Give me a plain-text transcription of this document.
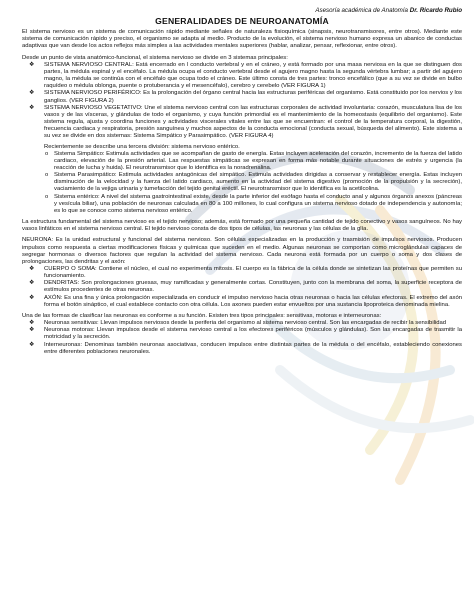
Asesoría académica de Anatomía Dr. Ricardo Rubio

GENERALIDADES DE NEUROANATOMÍA

El sistema nervioso es un sistema de comunicación rápido mediante señales de naturaleza fisioquímica (sinapsis, neurotransmisores, entre otros). Mediante este sistema de comunicación rápido y preciso, el organismo se adapta al medio. Producto de la evolución, el sistema nervioso humano expresa un abanico de conductas adaptivas que van desde los actos reflejos más simples a las actividades mentales superiores (hablar, analizar, pensar, reflexionar, entre otros).

Desde un punto de vista anatómico-funcional, el sistema nervioso se divide en 3 sistemas principales:

❖ SISTEMA NERVIOSO CENTRAL: Está encerrado en l conducto vertebral y en el cráneo, y está formado por una masa nerviosa en la que se distinguen dos partes, la médula espinal y el encéfalo. La médula ocupa el conducto vertebral desde el agujero magno hasta la segunda vértebra lumbar; a partir del agujero magno, la médula se continúa con el encéfalo que ocupa todo el cráneo. Este último consta de tres partes: tronco encefálico (que a su vez se divide en bulbo raquídeo o médula oblonga, puente o protuberancia y el mesencéfalo), cerebro y cerebelo (VER FIGURA 1)
❖ SISTEMA NERVIOSO PERIFÉRICO: Es la prolongación del órgano central hacia las estructuras periféricas del organismo. Está constituido por los nervios y los ganglios. (VER FIGURA 2)
❖ SISTEMA NERVIOSO VEGETATIVO: Une el sistema nervioso central con las estructuras corporales de actividad involuntaria: corazón, musculatura lisa de los vasos y de las vísceras, y glándulas de todo el organismo, y cuya función primordial es el mantenimiento de la homeostasis (equilibrio del organismo). Este sistema regula, ajusta y coordina funciones y actividades viscerales vitales entre las que se encuentran: el control de la temperatura corporal, la digestión, frecuencia cardiaca y respiratoria, presión sanguínea y muchos aspectos de la conducta emocional (conducta sexual, búsqueda del alimento). Este sistema a su vez se divide en dos sistemas: Sistema Simpático y Parasimpático. (VER FIGURA 4)

Recientemente se describe una tercera división: sistema nervioso entérico.

o Sistema Simpático: Estimula actividades que se acompañan de gasto de energía. Estas incluyen aceleración del corazón, incremento de la fuerza del latido cardiaco, elevación de la presión arterial. Las respuestas simpáticas se expresan en forma más notable durante situaciones de estrés y urgencia (la reacción de lucha y huida). El neurotransmisor que lo identifica es la noradrenalina.
o Sistema Parasimpático: Estimula actividades antagónicas del simpático. Estimula actividades dirigidas a conservar y restablecer energía. Estas incluyen disminución de la velocidad y la fuerza del latido cardiaco, aumento en la actividad del sistema digestivo (promoción de la propulsión y la secreción), vaciamiento de la vejiga urinaria y tumefacción del tejido genital eréctil. El neurotransmisor que lo identifica es la acetilcolina.
o Sistema entérico: A nivel del sistema gastrointestinal existe, desde la parte inferior del esófago hasta el conducto anal y algunos órganos anexos (páncreas y vesícula biliar), una población de neuronas calculada en 80 a 100 millones, lo cual configura un sistema nervioso dotado de independencia y autonomía; es lo que se conoce como sistema nervioso entérico.

La estructura fundamental del sistema nervioso es el tejido nervioso; además, está formado por una pequeña cantidad de tejido conectivo y vasos sanguíneos. No hay vasos linfáticos en el sistema nervioso central. El tejido nervioso consta de dos tipos de células, las neuronas y las células de la glía.

NEURONA: Es la unidad estructural y funcional del sistema nervioso. Son células especializadas en la producción y trasmisión de impulsos nerviosos. Producen impulsos como respuesta a ciertas modificaciones físicas y químicas que suceden en el medio. Algunas neuronas se comportan como microglándulas capaces de segregar hormonas o diversos factores que regulan la actividad del sistema nervioso. Cada neurona está formada por un cuerpo o soma y dos clases de prolongaciones, las dendritas y el axón:

❖ CUERPO O SOMA: Contiene el núcleo, el cual no experimenta mitosis. El cuerpo es la fábrica de la célula donde se sintetizan las proteínas que permiten su funcionamiento.
❖ DENDRITAS: Son prolongaciones gruesas, muy ramificadas y generalmente cortas. Constituyen, junto con la membrana del soma, la superficie receptora de estímulos procedentes de otras neuronas.
❖ AXÓN: Es una fina y única prolongación especializada en conducir el impulso nervioso hacia otras neuronas o hacia las células efectoras. El extremo del axón forma el botón sináptico, el cual establece contacto con otra célula. Los axones pueden estar envueltos por una sustancia lipoproteica denominada mielina.

Una de las formas de clasificar las neuronas es conforme a su función. Existen tres tipos principales: sensitivas, motoras e interneuronas:

❖ Neuronas sensitivas: Llevan impulsos nerviosos desde la periferia del organismo al sistema nervioso central. Son las encargadas de recibir la sensibilidad
❖ Neuronas motoras: Llevan impulsos desde el sistema nervioso central a los efectores periféricos (músculos y glándulas). Son las encargadas de trasmitir la motricidad y la secreción.
❖ Interneuronas: Denominas también neuronas asociativas, conducen impulsos entre distintas partes de la médula o del encéfalo, estableciendo conexiones entre diferentes poblaciones neuronales.
